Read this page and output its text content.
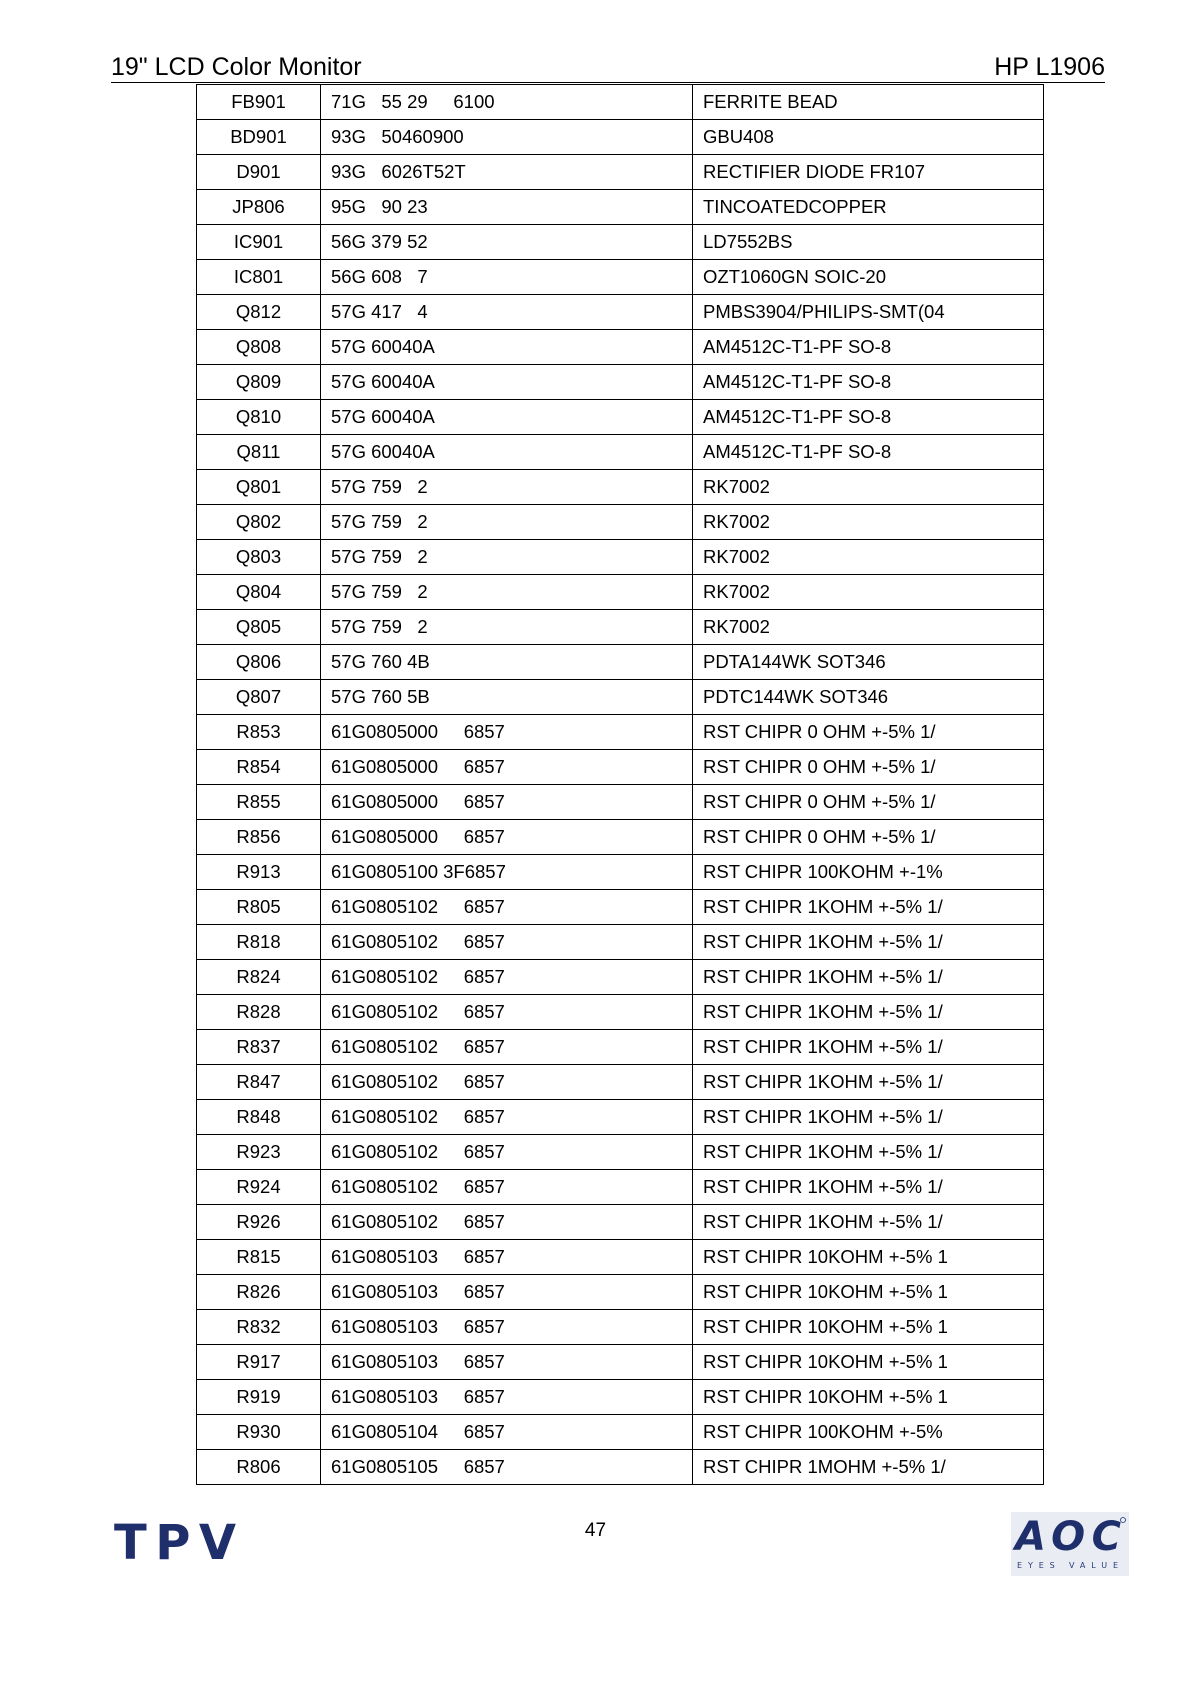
19" LCD Color Monitor	HP L1906
FB901	71G   55 29     6100	FERRITE BEAD
BD901	93G   50460900	GBU408
D901	93G   6026T52T	RECTIFIER DIODE FR107
JP806	95G   90 23	TINCOATEDCOPPER
IC901	56G 379 52	LD7552BS
IC801	56G 608   7	OZT1060GN SOIC-20
Q812	57G 417   4	PMBS3904/PHILIPS-SMT(04
Q808	57G 60040A	AM4512C-T1-PF SO-8
Q809	57G 60040A	AM4512C-T1-PF SO-8
Q810	57G 60040A	AM4512C-T1-PF SO-8
Q811	57G 60040A	AM4512C-T1-PF SO-8
Q801	57G 759   2	RK7002
Q802	57G 759   2	RK7002
Q803	57G 759   2	RK7002
Q804	57G 759   2	RK7002
Q805	57G 759   2	RK7002
Q806	57G 760 4B	PDTA144WK SOT346
Q807	57G 760 5B	PDTC144WK SOT346
R853	61G0805000     6857	RST CHIPR 0 OHM +-5% 1/
R854	61G0805000     6857	RST CHIPR 0 OHM +-5% 1/
R855	61G0805000     6857	RST CHIPR 0 OHM +-5% 1/
R856	61G0805000     6857	RST CHIPR 0 OHM +-5% 1/
R913	61G0805100 3F6857	RST CHIPR 100KOHM +-1%
R805	61G0805102     6857	RST CHIPR 1KOHM +-5% 1/
R818	61G0805102     6857	RST CHIPR 1KOHM +-5% 1/
R824	61G0805102     6857	RST CHIPR 1KOHM +-5% 1/
R828	61G0805102     6857	RST CHIPR 1KOHM +-5% 1/
R837	61G0805102     6857	RST CHIPR 1KOHM +-5% 1/
R847	61G0805102     6857	RST CHIPR 1KOHM +-5% 1/
R848	61G0805102     6857	RST CHIPR 1KOHM +-5% 1/
R923	61G0805102     6857	RST CHIPR 1KOHM +-5% 1/
R924	61G0805102     6857	RST CHIPR 1KOHM +-5% 1/
R926	61G0805102     6857	RST CHIPR 1KOHM +-5% 1/
R815	61G0805103     6857	RST CHIPR 10KOHM +-5% 1
R826	61G0805103     6857	RST CHIPR 10KOHM +-5% 1
R832	61G0805103     6857	RST CHIPR 10KOHM +-5% 1
R917	61G0805103     6857	RST CHIPR 10KOHM +-5% 1
R919	61G0805103     6857	RST CHIPR 10KOHM +-5% 1
R930	61G0805104     6857	RST CHIPR 100KOHM +-5%
R806	61G0805105     6857	RST CHIPR 1MOHM +-5% 1/
47
TPV	AOC
EYES VALUE
